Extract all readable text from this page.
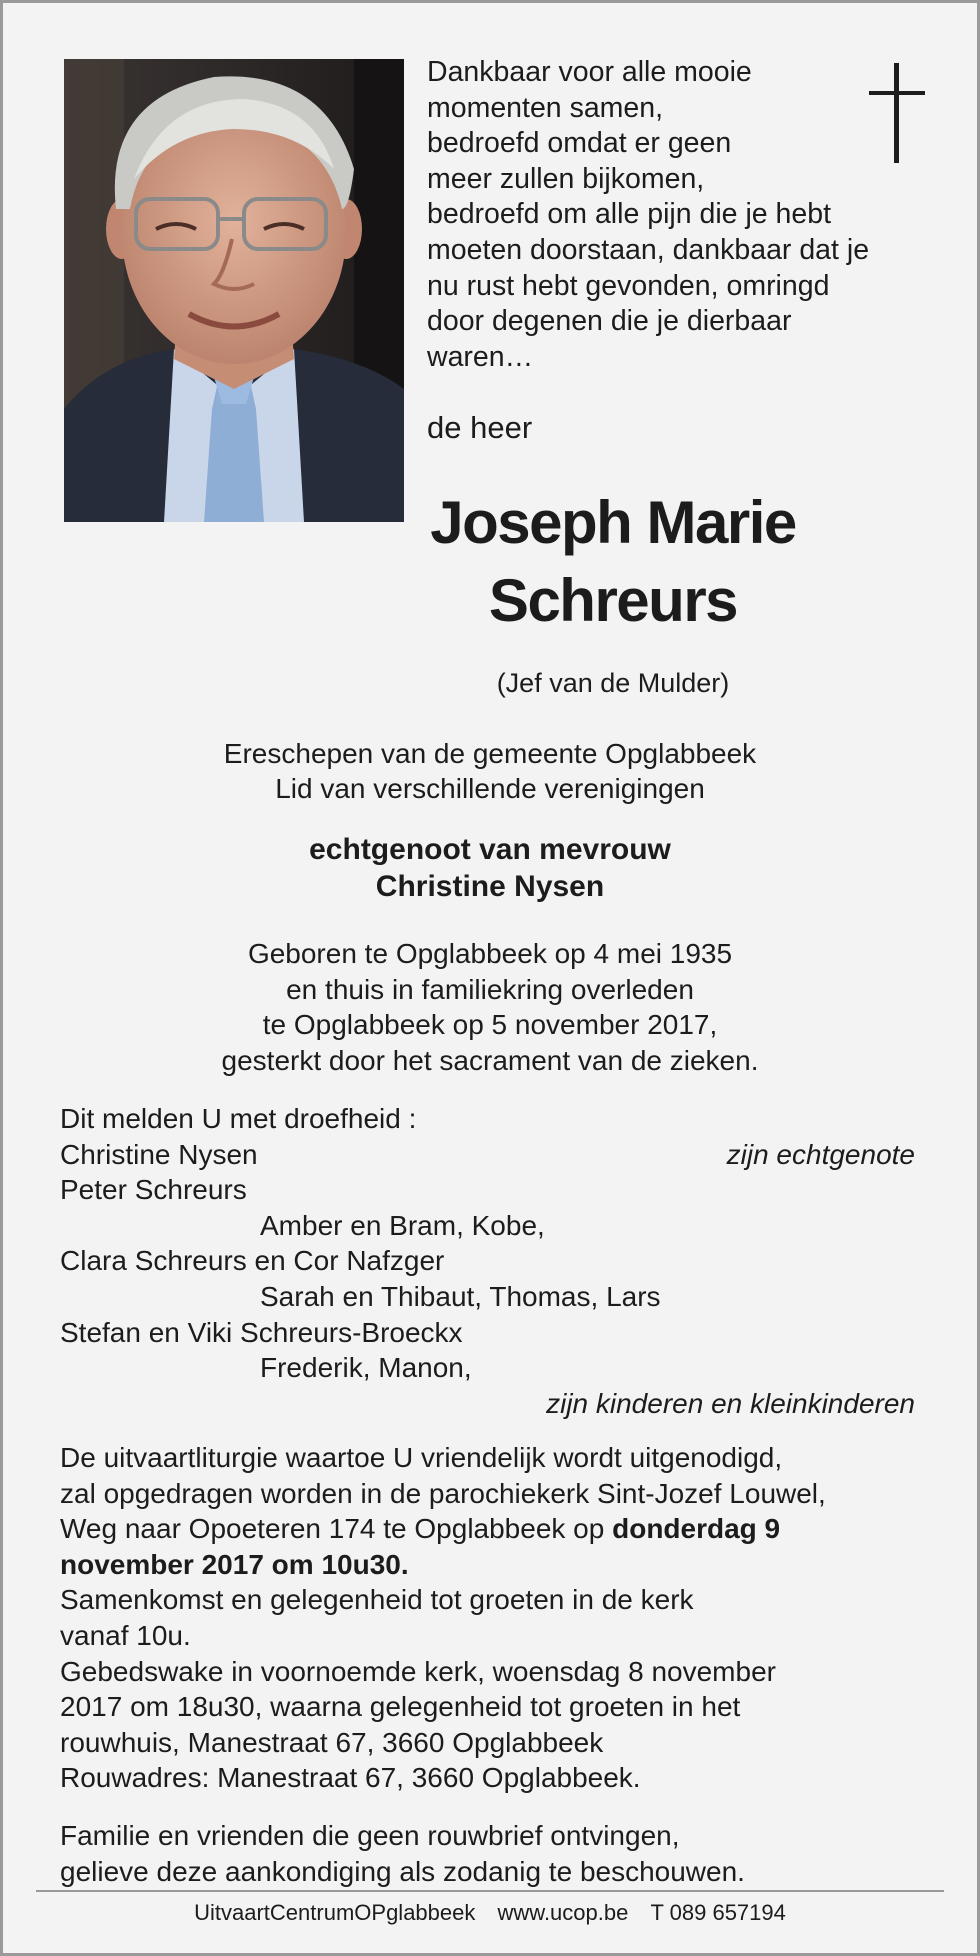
Dankbaar voor alle mooie
momenten samen,
bedroefd omdat er geen
meer zullen bijkomen,
bedroefd om alle pijn die je hebt
moeten doorstaan, dankbaar dat je
nu rust hebt gevonden, omringd
door degenen die je dierbaar
waren…
de heer
Joseph Marie
Schreurs
(Jef van de Mulder)
Ereschepen van de gemeente Opglabbeek
Lid van verschillende verenigingen
echtgenoot van mevrouw
Christine Nysen
Geboren te Opglabbeek op 4 mei 1935
en thuis in familiekring overleden
te Opglabbeek op 5 november 2017,
gesterkt door het sacrament van de zieken.
Dit melden U met droefheid :
Christine Nysen	zijn echtgenote
Peter Schreurs
Amber en Bram, Kobe,
Clara Schreurs en Cor Nafzger
Sarah en Thibaut, Thomas, Lars
Stefan en Viki Schreurs-Broeckx
Frederik, Manon,
zijn kinderen en kleinkinderen
De uitvaartliturgie waartoe U vriendelijk wordt uitgenodigd,
zal opgedragen worden in de parochiekerk Sint-Jozef Louwel,
Weg naar Opoeteren 174 te Opglabbeek op donderdag 9
november 2017 om 10u30.
Samenkomst en gelegenheid tot groeten in de kerk
vanaf 10u.
Gebedswake in voornoemde kerk, woensdag 8 november
2017 om 18u30, waarna gelegenheid tot groeten in het
rouwhuis, Manestraat 67, 3660 Opglabbeek
Rouwadres: Manestraat 67, 3660 Opglabbeek.
Familie en vrienden die geen rouwbrief ontvingen,
gelieve deze aankondiging als zodanig te beschouwen.
UitvaartCentrumOPglabbeek www.ucop.be T 089 657194
